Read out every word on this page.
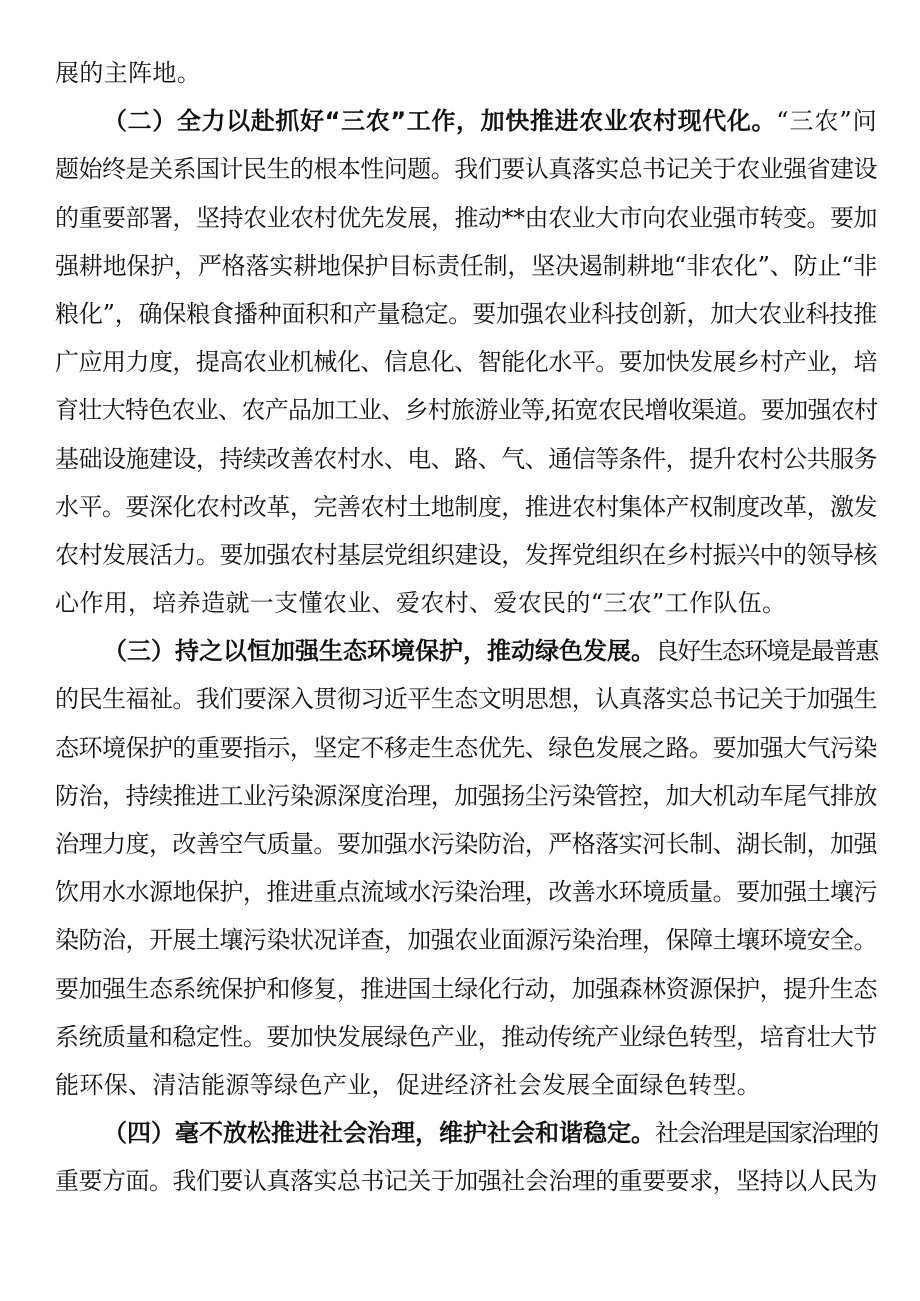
展的主阵地。
（二）全力以赴抓好“三农”工作，加快推进农业农村现代化。“三农”问
题始终是关系国计民生的根本性问题。我们要认真落实总书记关于农业强省建设
的重要部署，坚持农业农村优先发展，推动**由农业大市向农业强市转变。要加
强耕地保护，严格落实耕地保护目标责任制，坚决遏制耕地“非农化”、防止“非
粮化”，确保粮食播种面积和产量稳定。要加强农业科技创新，加大农业科技推
广应用力度，提高农业机械化、信息化、智能化水平。要加快发展乡村产业，培
育壮大特色农业、农产品加工业、乡村旅游业等,拓宽农民增收渠道。要加强农村
基础设施建设，持续改善农村水、电、路、气、通信等条件，提升农村公共服务
水平。要深化农村改革，完善农村土地制度，推进农村集体产权制度改革，激发
农村发展活力。要加强农村基层党组织建设，发挥党组织在乡村振兴中的领导核
心作用，培养造就一支懂农业、爱农村、爱农民的“三农”工作队伍。
（三）持之以恒加强生态环境保护，推动绿色发展。良好生态环境是最普惠
的民生福祉。我们要深入贯彻习近平生态文明思想，认真落实总书记关于加强生
态环境保护的重要指示，坚定不移走生态优先、绿色发展之路。要加强大气污染
防治，持续推进工业污染源深度治理，加强扬尘污染管控，加大机动车尾气排放
治理力度，改善空气质量。要加强水污染防治，严格落实河长制、湖长制，加强
饮用水水源地保护，推进重点流域水污染治理，改善水环境质量。要加强土壤污
染防治，开展土壤污染状况详查，加强农业面源污染治理，保障土壤环境安全。
要加强生态系统保护和修复，推进国土绿化行动，加强森林资源保护，提升生态
系统质量和稳定性。要加快发展绿色产业，推动传统产业绿色转型，培育壮大节
能环保、清洁能源等绿色产业，促进经济社会发展全面绿色转型。
（四）毫不放松推进社会治理，维护社会和谐稳定。社会治理是国家治理的
重要方面。我们要认真落实总书记关于加强社会治理的重要要求，坚持以人民为
